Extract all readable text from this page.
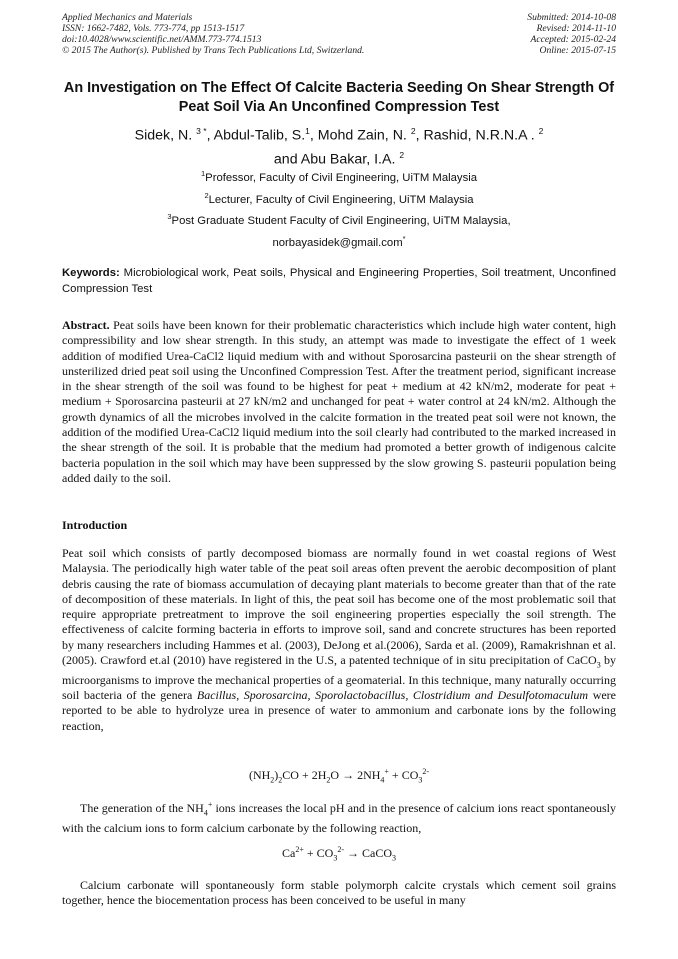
Applied Mechanics and Materials
ISSN: 1662-7482, Vols. 773-774, pp 1513-1517
doi:10.4028/www.scientific.net/AMM.773-774.1513
© 2015 The Author(s). Published by Trans Tech Publications Ltd, Switzerland.
Submitted: 2014-10-08
Revised: 2014-11-10
Accepted: 2015-02-24
Online: 2015-07-15
An Investigation on The Effect Of Calcite Bacteria Seeding On Shear Strength Of Peat Soil Via An Unconfined Compression Test
Sidek, N. $^{3 *}$, Abdul-Talib, S.$^1$, Mohd Zain, N. $^2$, Rashid, N.R.N.A . $^2$
and Abu Bakar, I.A. $^2$
$^1$Professor, Faculty of Civil Engineering, UiTM Malaysia
$^2$Lecturer, Faculty of Civil Engineering, UiTM Malaysia
$^3$Post Graduate Student Faculty of Civil Engineering, UiTM Malaysia,
norbayasidek@gmail.com*
Keywords: Microbiological work, Peat soils, Physical and Engineering Properties, Soil treatment, Unconfined Compression Test

Abstract. Peat soils have been known for their problematic characteristics which include high water content, high compressibility and low shear strength. In this study, an attempt was made to investigate the effect of 1 week addition of modified Urea-CaCl2 liquid medium with and without Sporosarcina pasteurii on the shear strength of unsterilized dried peat soil using the Unconfined Compression Test. After the treatment period, significant increase in the shear strength of the soil was found to be highest for peat + medium at 42 kN/m2, moderate for peat + medium + Sporosarcina pasteurii at 27 kN/m2 and unchanged for peat + water control at 24 kN/m2. Although the growth dynamics of all the microbes involved in the calcite formation in the treated peat soil were not known, the addition of the modified Urea-CaCl2 liquid medium into the soil clearly had contributed to the marked increased in the shear strength of the soil. It is probable that the medium had promoted a better growth of indigenous calcite bacteria population in the soil which may have been suppressed by the slow growing S. pasteurii population being added daily to the soil.

Introduction

Peat soil which consists of partly decomposed biomass are normally found in wet coastal regions of West Malaysia. The periodically high water table of the peat soil areas often prevent the aerobic decomposition of plant debris causing the rate of biomass accumulation of decaying plant materials to become greater than that of the rate of decomposition of these materials. In light of this, the peat soil has become one of the most problematic soil that require appropriate pretreatment to improve the soil engineering properties especially the soil strength. The effectiveness of calcite forming bacteria in efforts to improve soil, sand and concrete structures has been reported by many researchers including Hammes et al. (2003), DeJong et al.(2006), Sarda et al. (2009), Ramakrishnan et al. (2005). Crawford et.al (2010) have registered in the U.S, a patented technique of in situ precipitation of CaCO$_3$ by microorganisms to improve the mechanical properties of a geomaterial. In this technique, many naturally occurring soil bacteria of the genera Bacillus, Sporosarcina, Sporolactobacillus, Clostridium and Desulfotomaculum were reported to be able to hydrolyze urea in presence of water to ammonium and carbonate ions by the following reaction,

$(NH_2)_2CO + 2H_2O \to 2NH_4^+ + CO_3^{2-}$

The generation of the $NH_4^+$ ions increases the local pH and in the presence of calcium ions react spontaneously with the calcium ions to form calcium carbonate by the following reaction,

$Ca^{2+} + CO_3^{2-}$ → CaCO$_3$

Calcium carbonate will spontaneously form stable polymorph calcite crystals which cement soil grains together, hence the biocementation process has been conceived to be useful in many
